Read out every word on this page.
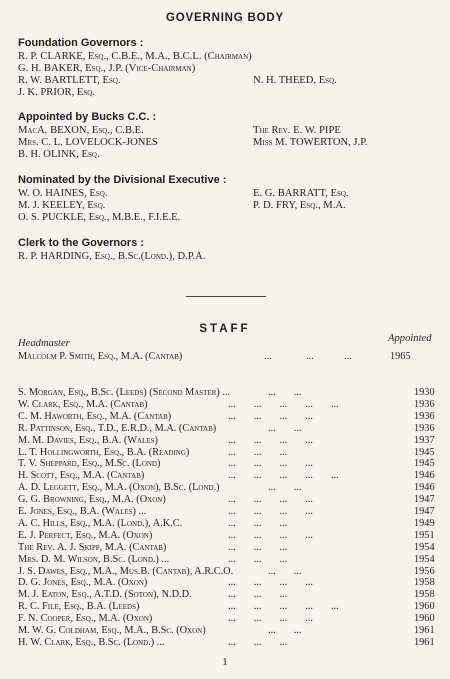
GOVERNING BODY
Foundation Governors :
R. P. CLARKE, Esq., C.B.E., M.A., B.C.L. (Chairman)
G. H. BAKER, Esq., J.P. (Vice-Chairman)
R. W. BARTLETT, Esq.	N. H. THEED, Esq.
J. K. PRIOR, Esq.
Appointed by Bucks C.C. :
MacA. BEXON, Esq., C.B.E.	The Rev. E. W. PIPE
Mrs. C. L. LOVELOCK-JONES	Miss M. TOWERTON, J.P.
B. H. OLINK, Esq.
Nominated by the Divisional Executive :
W. O. HAINES, Esq.	E. G. BARRATT, Esq.
M. J. KEELEY, Esq.	P. D. FRY, Esq., M.A.
O. S. PUCKLE, Esq., M.B.E., F.I.E.E.
Clerk to the Governors :
R. P. HARDING, Esq., B.Sc.(Lond.), D.P.A.
STAFF
Headmaster	Appointed
Malcolm P. Smith, Esq., M.A. (Cantab)	...	...	...	1965
S. Morgan, Esq., B.Sc. (Leeds) (Second Master) ...	...       ...	1930
W. Clark, Esq., M.A. (Cantab)	...       ...       ...       ...       ...	1936
C. M. Haworth, Esq., M.A. (Cantab)	...       ...       ...       ...	1936
R. Pattinson, Esq., T.D., E.R.D., M.A. (Cantab)	...       ...	1936
M. M. Davies, Esq., B.A. (Wales)	...       ...       ...       ...	1937
L. T. Hollingworth, Esq., B.A. (Reading)	...       ...       ...	1945
T. V. Sheppard, Esq., M.Sc. (Lond)	...       ...       ...       ...	1945
H. Scott, Esq., M.A. (Cantab)	...       ...       ...       ...       ...	1946
A. D. Leggett, Esq., M.A. (Oxon), B.Sc. (Lond.)	...       ...	1946
G. G. Browning, Esq., M.A. (Oxon)	...       ...       ...       ...	1947
E. Jones, Esq., B.A. (Wales) ...	...       ...       ...       ...	1947
A. C. Hills, Esq., M.A. (Lond.), A.K.C.	...       ...       ...	1949
E. J. Perfect, Esq., M.A. (Oxon)	...       ...       ...       ...	1951
The Rev. A. J. Skipp, M.A. (Cantab)	...       ...       ...	1954
Mrs. D. M. Wilson, B.Sc. (Lond.) ...	...       ...       ...	1954
J. S. Dawes, Esq., M.A., Mus.B. (Cantab), A.R.C.O.	...       ...	1956
D. G. Jones, Esq., M.A. (Oxon)	...       ...       ...       ...	1958
M. J. Eaton, Esq., A.T.D. (Soton), N.D.D.	...       ...       ...	1958
R. C. File, Esq., B.A. (Leeds)	...       ...       ...       ...       ...	1960
F. N. Cooper, Esq., M.A. (Oxon)	...       ...       ...       ...	1960
M. W. G. Coldham, Esq., M.A., B.Sc. (Oxon)	...       ...	1961
H. W. Clark, Esq., B.Sc. (Lond.) ...	...       ...       ...	1961
1
